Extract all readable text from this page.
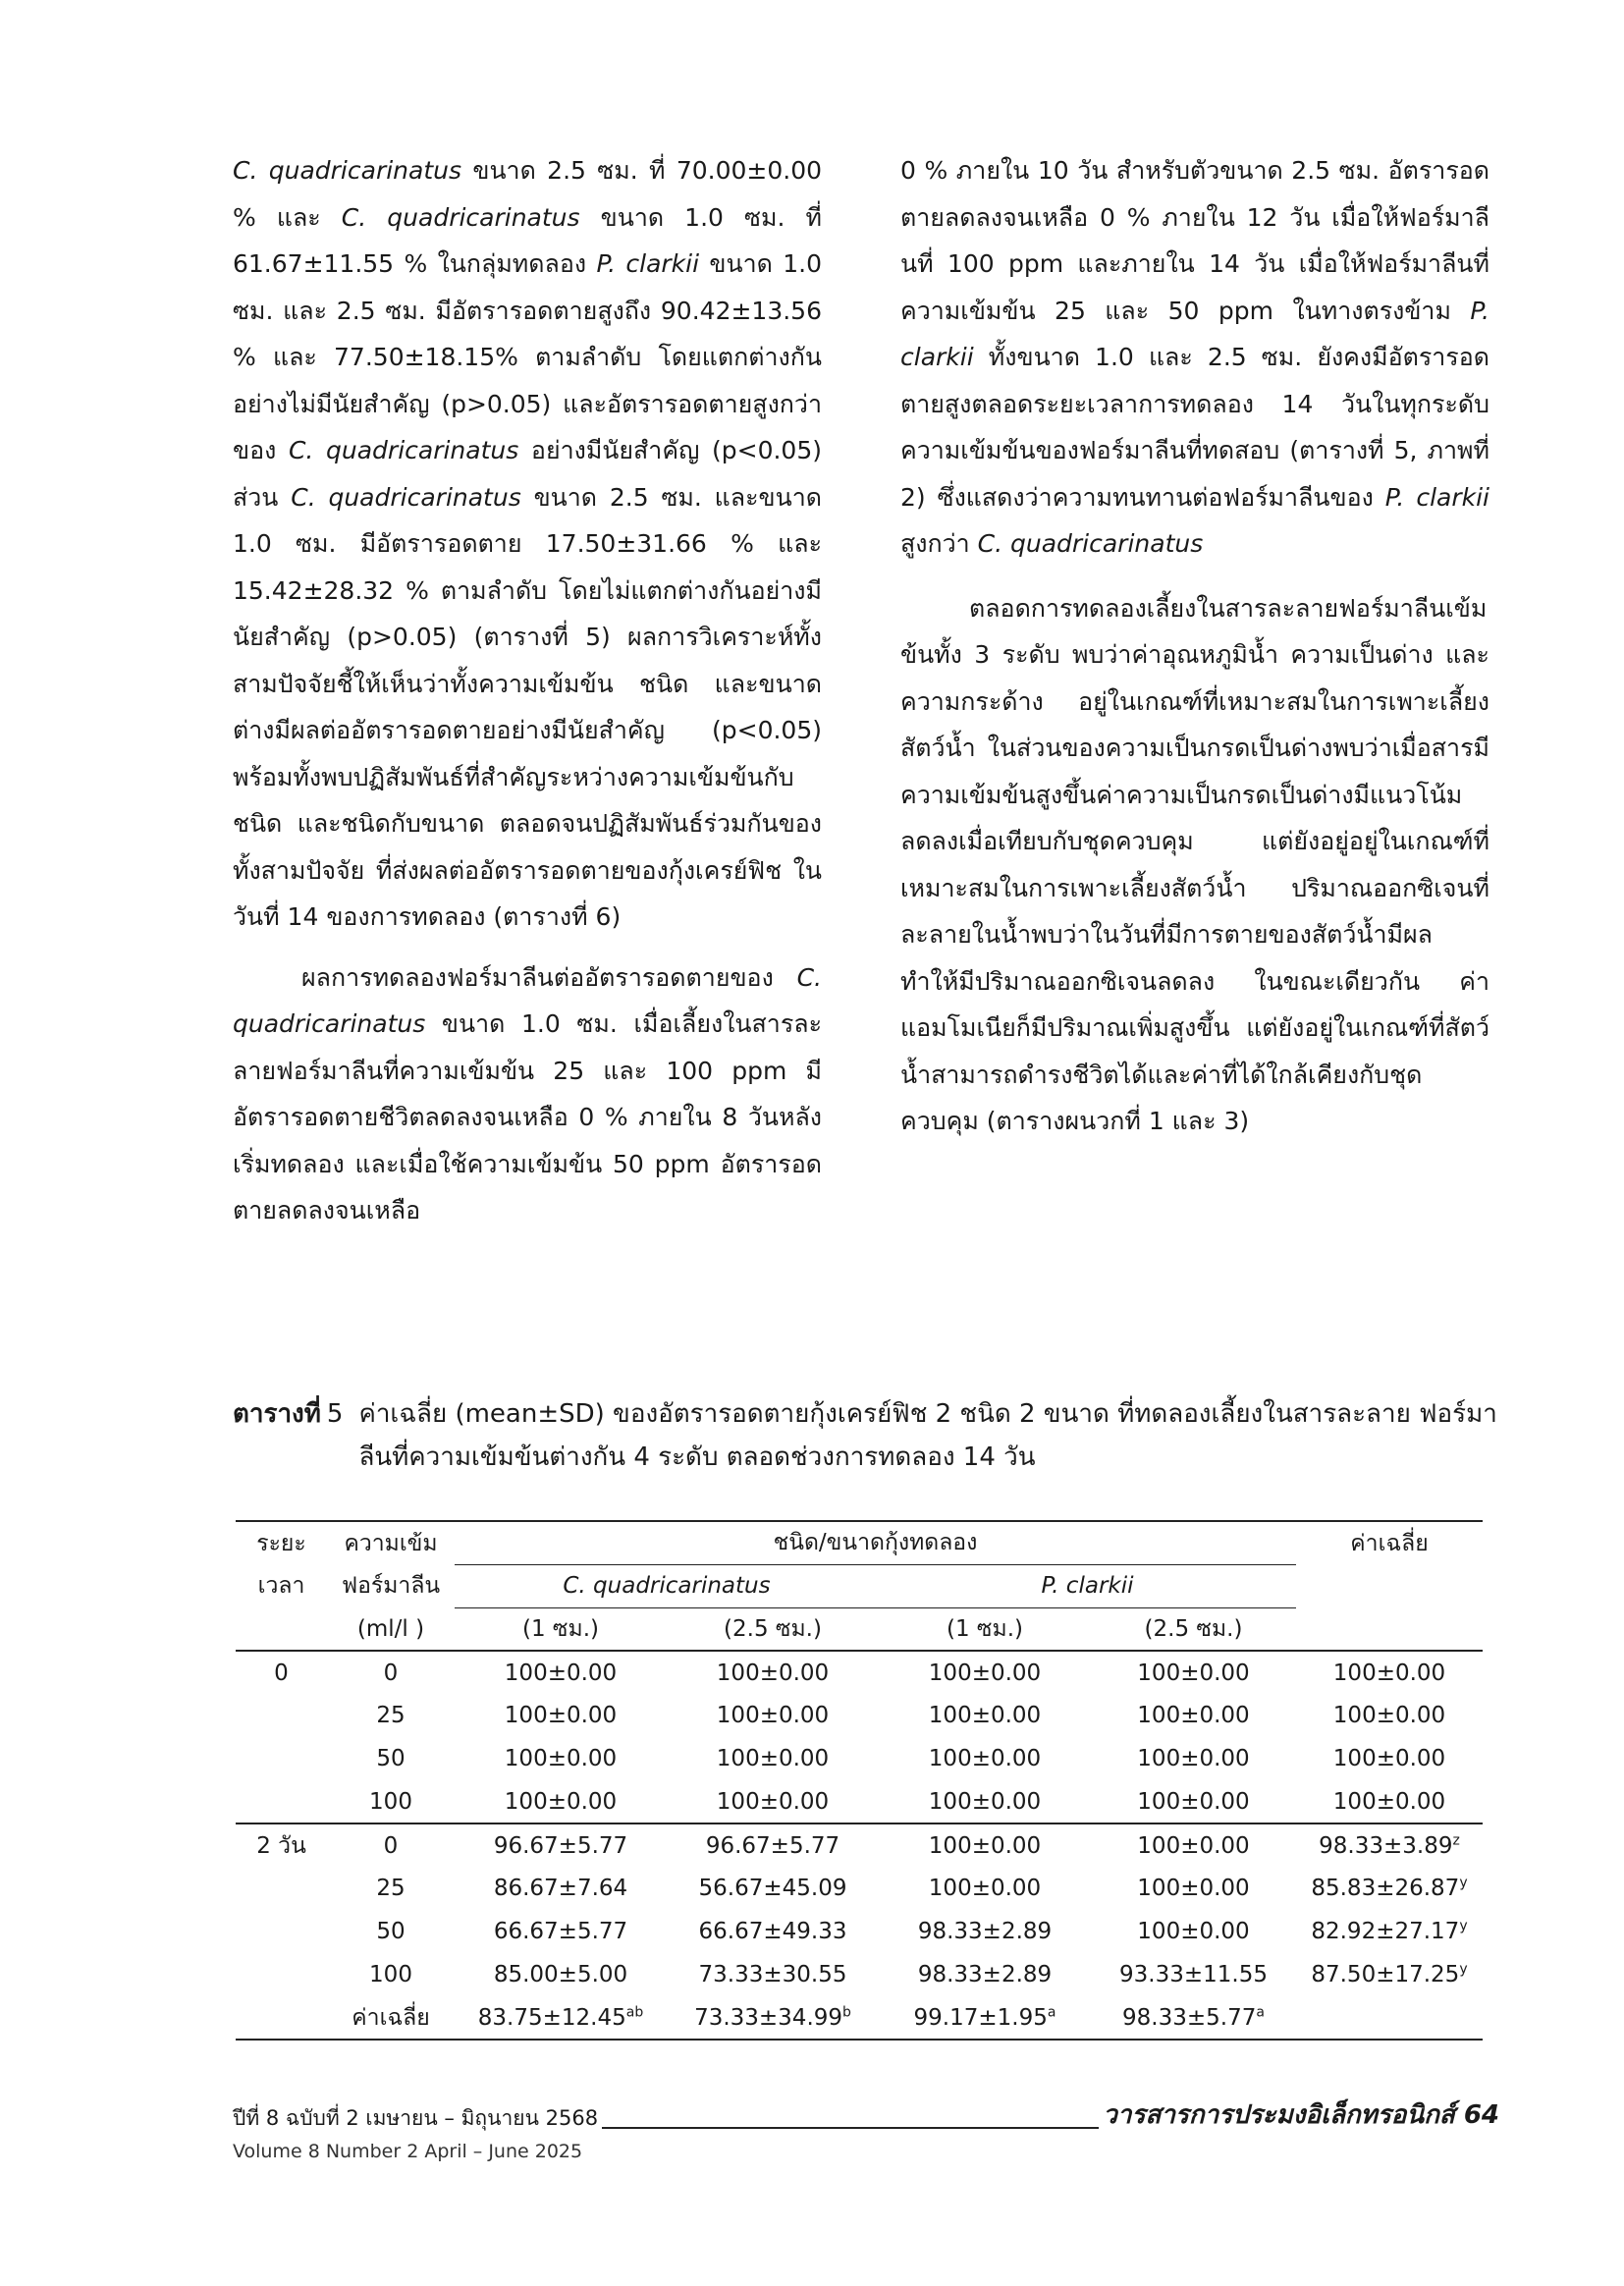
C. quadricarinatus ขนาด 2.5 ซม. ที่ 70.00±0.00 % และ C. quadricarinatus ขนาด 1.0 ซม. ที่ 61.67±11.55 % ในกลุ่มทดลอง P. clarkii ขนาด 1.0 ซม. และ 2.5 ซม. มีอัตรารอดตายสูงถึง 90.42±13.56 % และ 77.50±18.15% ตามลำดับ โดยแตกต่างกันอย่างไม่มีนัยสำคัญ (p>0.05) และอัตรารอดตายสูงกว่าของ C. quadricarinatus อย่างมีนัยสำคัญ (p<0.05) ส่วน C. quadricarinatus ขนาด 2.5 ซม. และขนาด 1.0 ซม. มีอัตรารอดตาย 17.50±31.66 % และ 15.42±28.32 % ตามลำดับ โดยไม่แตกต่างกันอย่างมีนัยสำคัญ (p>0.05) (ตารางที่ 5) ผลการวิเคราะห์ทั้งสามปัจจัยชี้ให้เห็นว่าทั้งความเข้มข้น ชนิด และขนาด ต่างมีผลต่ออัตรารอดตายอย่างมีนัยสำคัญ (p<0.05) พร้อมทั้งพบปฏิสัมพันธ์ที่สำคัญระหว่างความเข้มข้นกับชนิด และชนิดกับขนาด ตลอดจนปฏิสัมพันธ์ร่วมกันของทั้งสามปัจจัย ที่ส่งผลต่ออัตรารอดตายของกุ้งเครย์ฟิช ในวันที่ 14 ของการทดลอง (ตารางที่ 6)

ผลการทดลองฟอร์มาลีนต่ออัตรารอดตายของ C. quadricarinatus ขนาด 1.0 ซม. เมื่อเลี้ยงในสารละลายฟอร์มาลีนที่ความเข้มข้น 25 และ 100 ppm มีอัตรารอดตายชีวิตลดลงจนเหลือ 0 % ภายใน 8 วันหลังเริ่มทดลอง และเมื่อใช้ความเข้มข้น 50 ppm อัตรารอดตายลดลงจนเหลือ

0 % ภายใน 10 วัน สำหรับตัวขนาด 2.5 ซม. อัตรารอดตายลดลงจนเหลือ 0 % ภายใน 12 วัน เมื่อให้ฟอร์มาลีนที่ 100 ppm และภายใน 14 วัน เมื่อให้ฟอร์มาลีนที่ความเข้มข้น 25 และ 50 ppm ในทางตรงข้าม P. clarkii ทั้งขนาด 1.0 และ 2.5 ซม. ยังคงมีอัตรารอดตายสูงตลอดระยะเวลาการทดลอง 14 วันในทุกระดับความเข้มข้นของฟอร์มาลีนที่ทดสอบ (ตารางที่ 5, ภาพที่ 2) ซึ่งแสดงว่าความทนทานต่อฟอร์มาลีนของ P. clarkii สูงกว่า C. quadricarinatus

ตลอดการทดลองเลี้ยงในสารละลายฟอร์มาลีนเข้มข้นทั้ง 3 ระดับ พบว่าค่าอุณหภูมิน้ำ ความเป็นด่าง และความกระด้าง อยู่ในเกณฑ์ที่เหมาะสมในการเพาะเลี้ยงสัตว์น้ำ ในส่วนของความเป็นกรดเป็นด่างพบว่าเมื่อสารมีความเข้มข้นสูงขึ้นค่าความเป็นกรดเป็นด่างมีแนวโน้มลดลงเมื่อเทียบกับชุดควบคุม แต่ยังอยู่อยู่ในเกณฑ์ที่เหมาะสมในการเพาะเลี้ยงสัตว์น้ำ ปริมาณออกซิเจนที่ละลายในน้ำพบว่าในวันที่มีการตายของสัตว์น้ำมีผลทำให้มีปริมาณออกซิเจนลดลง ในขณะเดียวกัน ค่าแอมโมเนียก็มีปริมาณเพิ่มสูงขึ้น แต่ยังอยู่ในเกณฑ์ที่สัตว์น้ำสามารถดำรงชีวิตได้และค่าที่ได้ใกล้เคียงกับชุดควบคุม (ตารางผนวกที่ 1 และ 3)

ตารางที่ 5 ค่าเฉลี่ย (mean±SD) ของอัตรารอดตายกุ้งเครย์ฟิช 2 ชนิด 2 ขนาด ที่ทดลองเลี้ยงในสารละลาย ฟอร์มาลีนที่ความเข้มข้นต่างกัน 4 ระดับ ตลอดช่วงการทดลอง 14 วัน
ระยะ	ความเข้ม	ชนิด/ขนาดกุ้งทดลอง				ค่าเฉลี่ย
เวลา	ฟอร์มาลีน	C. quadricarinatus		P. clarkii		
	(ml/l )	(1 ซม.)	(2.5 ซม.)	(1 ซม.)	(2.5 ซม.)	
0	0	100±0.00	100±0.00	100±0.00	100±0.00	100±0.00
	25	100±0.00	100±0.00	100±0.00	100±0.00	100±0.00
	50	100±0.00	100±0.00	100±0.00	100±0.00	100±0.00
	100	100±0.00	100±0.00	100±0.00	100±0.00	100±0.00
2 วัน	0	96.67±5.77	96.67±5.77	100±0.00	100±0.00	$98.33\pm 3.89^z$
	25	86.67±7.64	56.67±45.09	100±0.00	100±0.00	$85.83\pm 26.87^y$
	50	66.67±5.77	66.67±49.33	98.33±2.89	100±0.00	$82.92\pm 27.17^y$
	100	85.00±5.00	73.33±30.55	98.33±2.89	93.33±11.55	$87.50\pm 17.25^y$
	ค่าเฉลี่ย	83.75±12.45$^{ab}$	73.33±34.99$^b$	99.17±1.95$^a$	98.33±5.77$^a$	
ปีที่ 8 ฉบับที่ 2 เมษายน – มิถุนายน 2568	วารสารการประมงอิเล็กทรอนิกส์ 64
Volume 8 Number 2 April – June 2025
